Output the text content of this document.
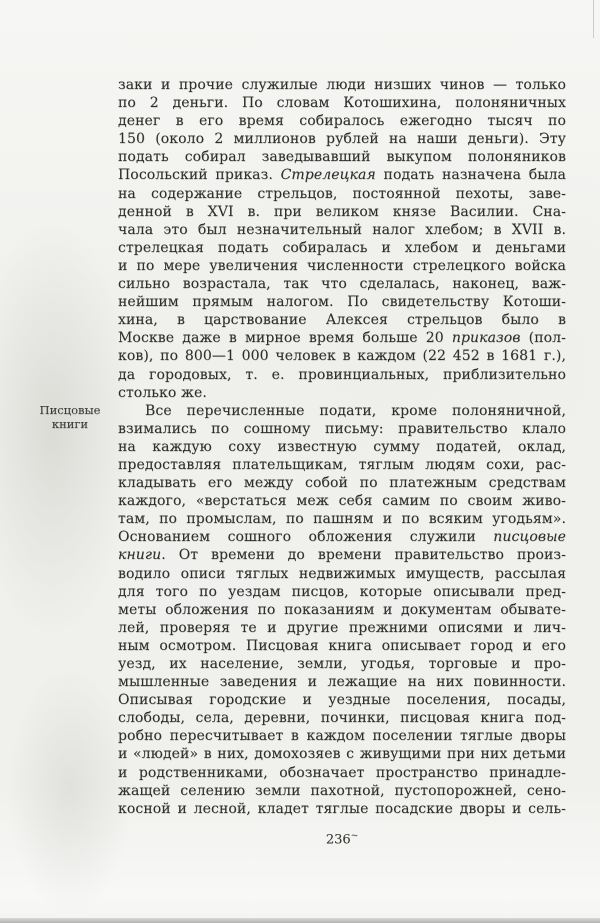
Писцовые
книги
заки и прочие служилые люди низших чинов — только
по 2 деньги. По словам Котошихина, полоняничных
денег в его время собиралось ежегодно тысяч по
150 (около 2 миллионов рублей на наши деньги). Эту
подать собирал заведывавший выкупом полоняников
Посольский приказ. Стрелецкая подать назначена была
на содержание стрельцов, постоянной пехоты, заве-
денной в XVI в. при великом князе Василии. Сна-
чала это был незначительный налог хлебом; в XVII в.
стрелецкая подать собиралась и хлебом и деньгами
и по мере увеличения численности стрелецкого войска
сильно возрастала, так что сделалась, наконец, важ-
нейшим прямым налогом. По свидетельству Котоши-
хина, в царствование Алексея стрельцов было в
Москве даже в мирное время больше 20 приказов (пол-
ков), по 800—1 000 человек в каждом (22 452 в 1681 г.),
да городовых, т. е. провинциальных, приблизительно
столько же.
Все перечисленные подати, кроме полоняничной,
взимались по сошному письму: правительство клало
на каждую соху известную сумму податей, оклад,
предоставляя плательщикам, тяглым людям сохи, рас-
кладывать его между собой по платежным средствам
каждого, «верстаться меж себя самим по своим живо-
там, по промыслам, по пашням и по всяким угодьям».
Основанием сошного обложения служили писцовые
книги. От времени до времени правительство произ-
водило описи тяглых недвижимых имуществ, рассылая
для того по уездам писцов, которые описывали пред-
меты обложения по показаниям и документам обывате-
лей, проверяя те и другие прежними описями и лич-
ным осмотром. Писцовая книга описывает город и его
уезд, их население, земли, угодья, торговые и про-
мышленные заведения и лежащие на них повинности.
Описывая городские и уездные поселения, посады,
слободы, села, деревни, починки, писцовая книга под-
робно пересчитывает в каждом поселении тяглые дворы
и «людей» в них, домохозяев с живущими при них детьми
и родственниками, обозначает пространство принадле-
жащей селению земли пахотной, пустопорожней, сено-
косной и лесной, кладет тяглые посадские дворы и сель-
236~
